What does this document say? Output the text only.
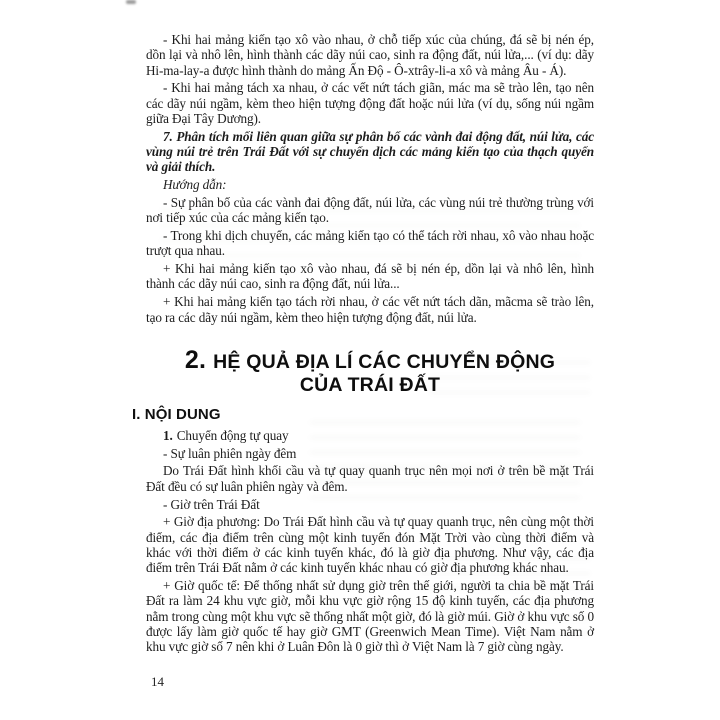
- Khi hai mảng kiến tạo xô vào nhau, ở chỗ tiếp xúc của chúng, đá sẽ bị nén ép, dồn lại và nhô lên, hình thành các dãy núi cao, sinh ra động đất, núi lửa,... (ví dụ: dãy Hi-ma-lay-a được hình thành do mảng Ấn Độ - Ô-xtrây-li-a xô và mảng Âu - Á).

- Khi hai mảng tách xa nhau, ở các vết nứt tách giãn, mác ma sẽ trào lên, tạo nên các dãy núi ngầm, kèm theo hiện tượng động đất hoặc núi lửa (ví dụ, sống núi ngầm giữa Đại Tây Dương).

7. Phân tích mối liên quan giữa sự phân bố các vành đai động đất, núi lửa, các vùng núi trẻ trên Trái Đất với sự chuyển dịch các mảng kiến tạo của thạch quyển và giải thích.

Hướng dẫn:

- Sự phân bố của các vành đai động đất, núi lửa, các vùng núi trẻ thường trùng với nơi tiếp xúc của các mảng kiến tạo.

- Trong khi dịch chuyển, các mảng kiến tạo có thể tách rời nhau, xô vào nhau hoặc trượt qua nhau.

+ Khi hai mảng kiến tạo xô vào nhau, đá sẽ bị nén ép, dồn lại và nhô lên, hình thành các dãy núi cao, sinh ra động đất, núi lửa...

+ Khi hai mảng kiến tạo tách rời nhau, ở các vết nứt tách dãn, mãcma sẽ trào lên, tạo ra các dãy núi ngầm, kèm theo hiện tượng động đất, núi lửa.

2. HỆ QUẢ ĐỊA LÍ CÁC CHUYỂN ĐỘNG
CỦA TRÁI ĐẤT
I. NỘI DUNG

1. Chuyển động tự quay

- Sự luân phiên ngày đêm

Do Trái Đất hình khối cầu và tự quay quanh trục nên mọi nơi ở trên bề mặt Trái Đất đều có sự luân phiên ngày và đêm.

- Giờ trên Trái Đất

+ Giờ địa phương: Do Trái Đất hình cầu và tự quay quanh trục, nên cùng một thời điểm, các địa điểm trên cùng một kinh tuyến đón Mặt Trời vào cùng thời điểm và khác với thời điểm ở các kinh tuyến khác, đó là giờ địa phương. Như vậy, các địa điểm trên Trái Đất nằm ở các kinh tuyến khác nhau có giờ địa phương khác nhau.

+ Giờ quốc tế: Để thống nhất sử dụng giờ trên thế giới, người ta chia bề mặt Trái Đất ra làm 24 khu vực giờ, mỗi khu vực giờ rộng 15 độ kinh tuyến, các địa phương nằm trong cùng một khu vực sẽ thống nhất một giờ, đó là giờ múi. Giờ ở khu vực số 0 được lấy làm giờ quốc tế hay giờ GMT (Greenwich Mean Time). Việt Nam nằm ở khu vực giờ số 7 nên khi ở Luân Đôn là 0 giờ thì ở Việt Nam là 7 giờ cùng ngày.

14
